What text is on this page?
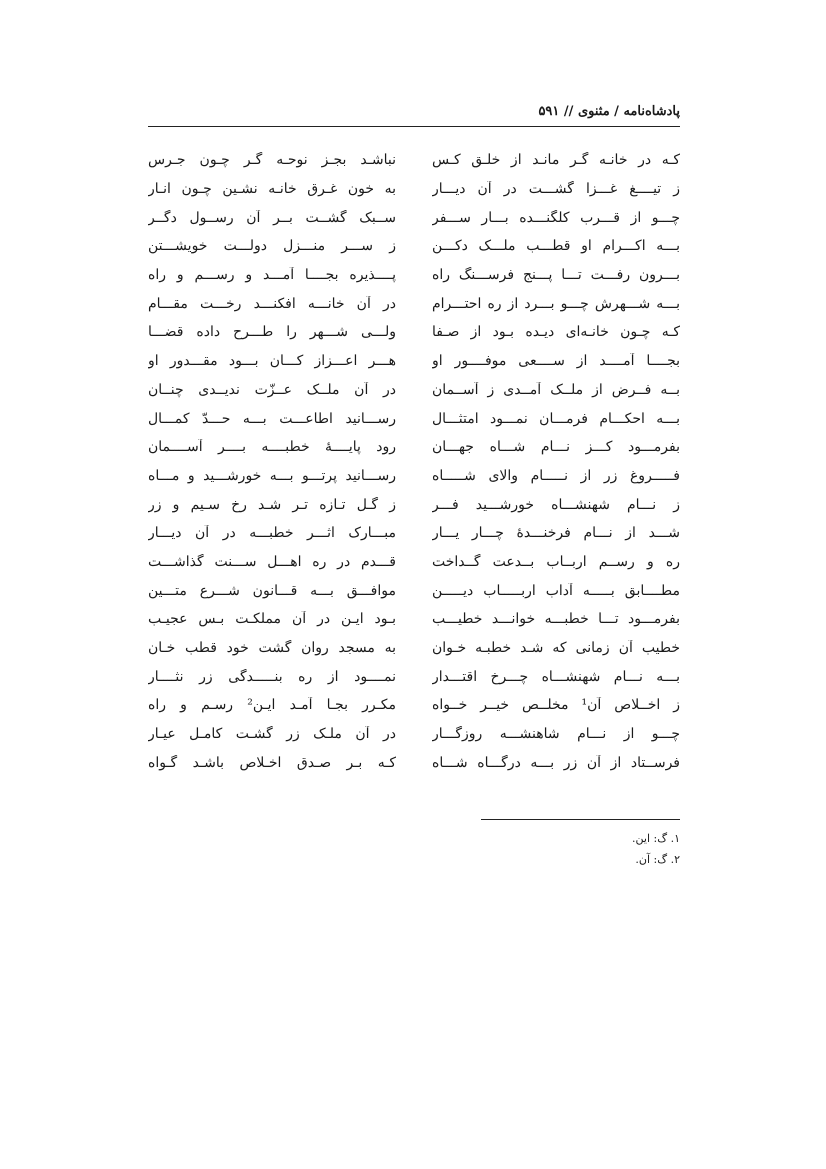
پادشاه‌نامه / مثنوی // ۵۹۱
کـه در خانـه گـر مانـد از خلـق کـس
نباشـد بجـز نوحـه گـر چـون جـرس
ز تیــــغ غـــزا گشـــت در آن دیـــار
به خون غـرق خانـه نشـین چـون انـار
چـــو از قـــرب کلگنـــده بـــار ســـفر
ســبک گشــت بــر آن رســول دگــر
بـــه اکـــرام او قطـــب ملـــک دکـــن
ز ســـر منـــزل دولـــت خویشـــتن
بـــرون رفـــت تـــا پـــنج فرســـنگ راه
پــــذیره بجــــا آمـــد و رســـم و راه
بـــه شـــهرش چـــو بـــرد از ره احتـــرام
در آن خانـــه افکنـــد رخـــت مقـــام
کـه چـون خانـه‌ای دیـده بـود از صـفا
ولـــی شـــهر را طـــرح داده قضـــا
بجــــا آمــــد از ســــعی موفــــور او
هـــر اعـــزاز کـــان بـــود مقـــدور او
بــه فــرض از ملــک آمــدی ز آســمان
در آن ملــک عــزّت ندیــدی چنــان
بـــه احکـــام فرمـــان نمـــود امتثـــال
رســـانید اطاعـــت بـــه حـــدّ کمـــال
بفرمـــود کـــز نـــام شـــاه جهـــان
رود پایــــهٔ خطبــــه بــــر آســــمان
فـــــروغ زر از نـــــام والای شـــــاه
رســـانید پرتـــو بـــه خورشـــید و مـــاه
ز نـــام شهنشـــاه خورشـــید فـــر
ز گـل تـازه تـر شـد رخ سـیم و زر
شـــد از نـــام فرخنـــدهٔ چـــار یـــار
مبـــارک اثـــر خطبـــه در آن دیـــار
ره و رســم اربــاب بــدعت گــداخت
قـــدم در ره اهـــل ســـنت گذاشـــت
مطــــابق بـــــه آداب اربـــــاب دیـــــن
موافـــق بـــه قـــانون شـــرع متـــین
بفرمـــود تـــا خطبـــه خوانـــد خطیـــب
بـود ایـن در آن مملکـت بـس عجیـب
خطیب آن زمانی که شـد خطبـه خـوان
به مسجد روان گشت خود قطب خـان
بـــه نـــام شهنشـــاه چـــرخ اقتـــدار
نمــــود از ره بنـــــدگی زر نثــــار
ز اخــلاص آن¹ مخلــص خیــر خــواه
مکـرر بجـا آمـد ایـن² رسـم و راه
چـــو از نـــام شاهنشـــه روزگـــار
در آن ملـک زر گشـت کامـل عیـار
فرســتاد از آن زر بـــه درگـــاه شـــاه
کـه بـر صـدق اخـلاص باشـد گـواه
۱. گ: این.
۲. گ: آن.
